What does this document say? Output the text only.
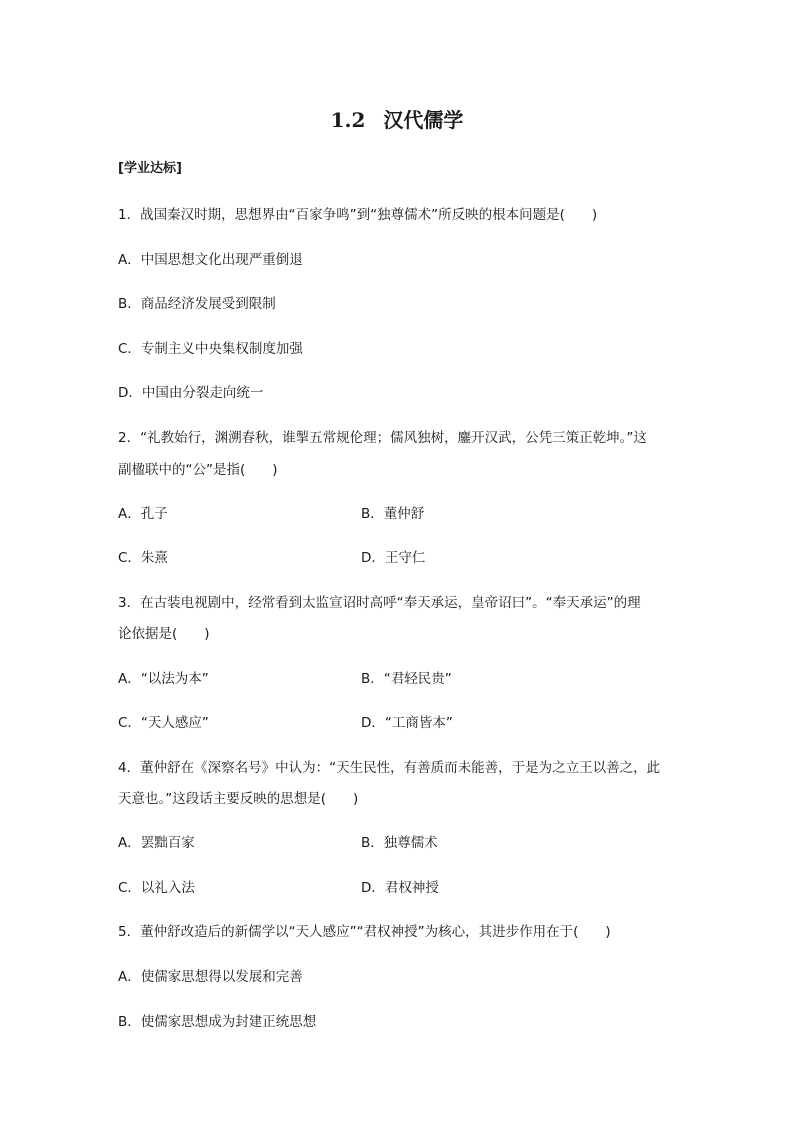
1.2 汉代儒学
[学业达标]
1．战国秦汉时期，思想界由“百家争鸣”到“独尊儒术”所反映的根本问题是(　　)
A．中国思想文化出现严重倒退
B．商品经济发展受到限制
C．专制主义中央集权制度加强
D．中国由分裂走向统一
2．“礼教始行，渊溯春秋，谁掣五常规伦理；儒风独树，鏖开汉武，公凭三策正乾坤。”这
副楹联中的“公”是指(　　)
A．孔子	B．董仲舒
C．朱熹	D．王守仁
3．在古装电视剧中，经常看到太监宣诏时高呼“奉天承运，皇帝诏曰”。“奉天承运”的理
论依据是(　　)
A．“以法为本”	B．“君轻民贵”
C．“天人感应”	D．“工商皆本”
4．董仲舒在《深察名号》中认为：“天生民性，有善质而未能善，于是为之立王以善之，此
天意也。”这段话主要反映的思想是(　　)
A．罢黜百家	B．独尊儒术
C．以礼入法	D．君权神授
5．董仲舒改造后的新儒学以“天人感应”“君权神授”为核心，其进步作用在于(　　)
A．使儒家思想得以发展和完善
B．使儒家思想成为封建正统思想
